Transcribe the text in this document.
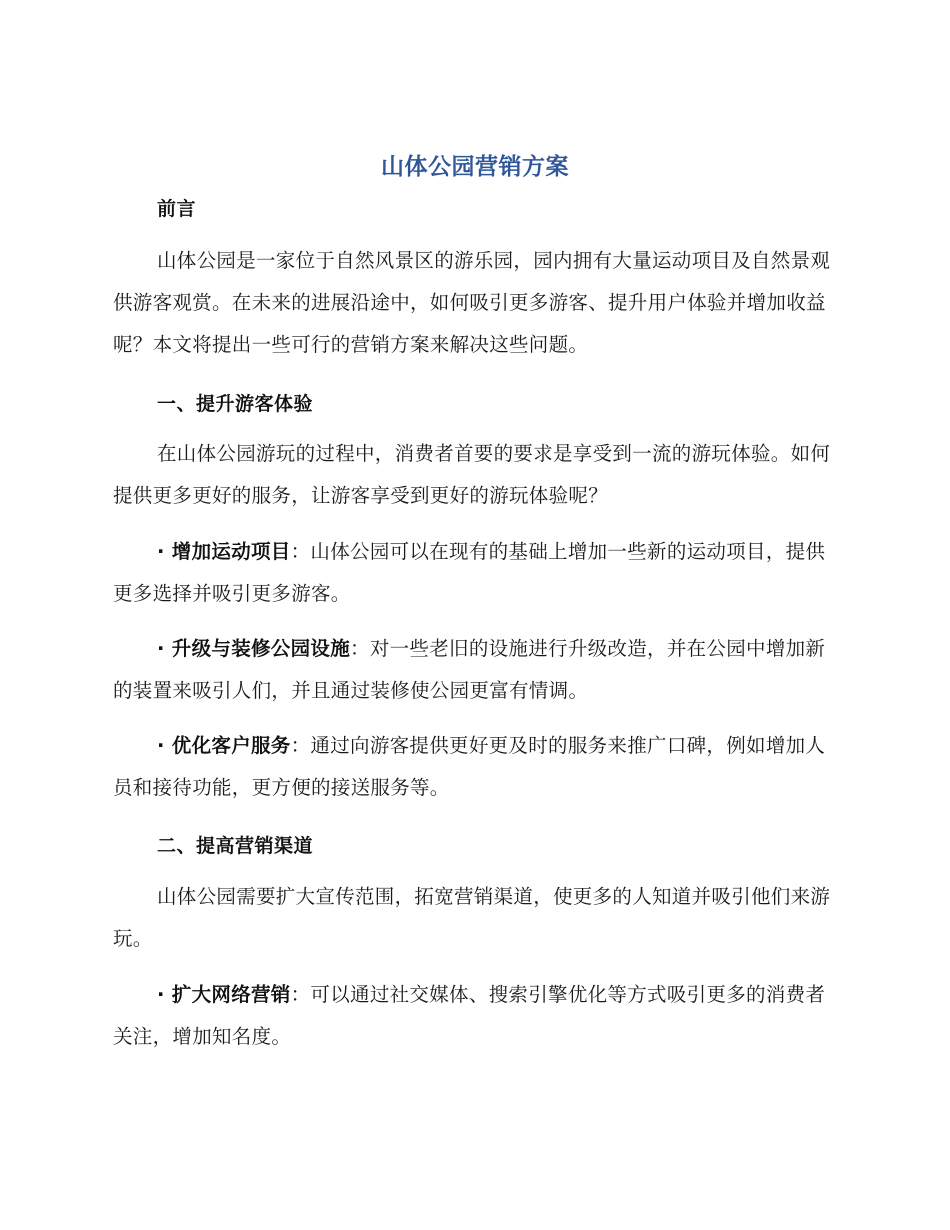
山体公园营销方案
前言
山体公园是一家位于自然风景区的游乐园，园内拥有大量运动项目及自然景观供游客观赏。在未来的进展沿途中，如何吸引更多游客、提升用户体验并增加收益呢？本文将提出一些可行的营销方案来解决这些问题。
一、提升游客体验
在山体公园游玩的过程中，消费者首要的要求是享受到一流的游玩体验。如何提供更多更好的服务，让游客享受到更好的游玩体验呢？
· 增加运动项目：山体公园可以在现有的基础上增加一些新的运动项目，提供更多选择并吸引更多游客。
· 升级与装修公园设施：对一些老旧的设施进行升级改造，并在公园中增加新的装置来吸引人们，并且通过装修使公园更富有情调。
· 优化客户服务：通过向游客提供更好更及时的服务来推广口碑，例如增加人员和接待功能，更方便的接送服务等。
二、提高营销渠道
山体公园需要扩大宣传范围，拓宽营销渠道，使更多的人知道并吸引他们来游玩。
· 扩大网络营销：可以通过社交媒体、搜索引擎优化等方式吸引更多的消费者关注，增加知名度。
